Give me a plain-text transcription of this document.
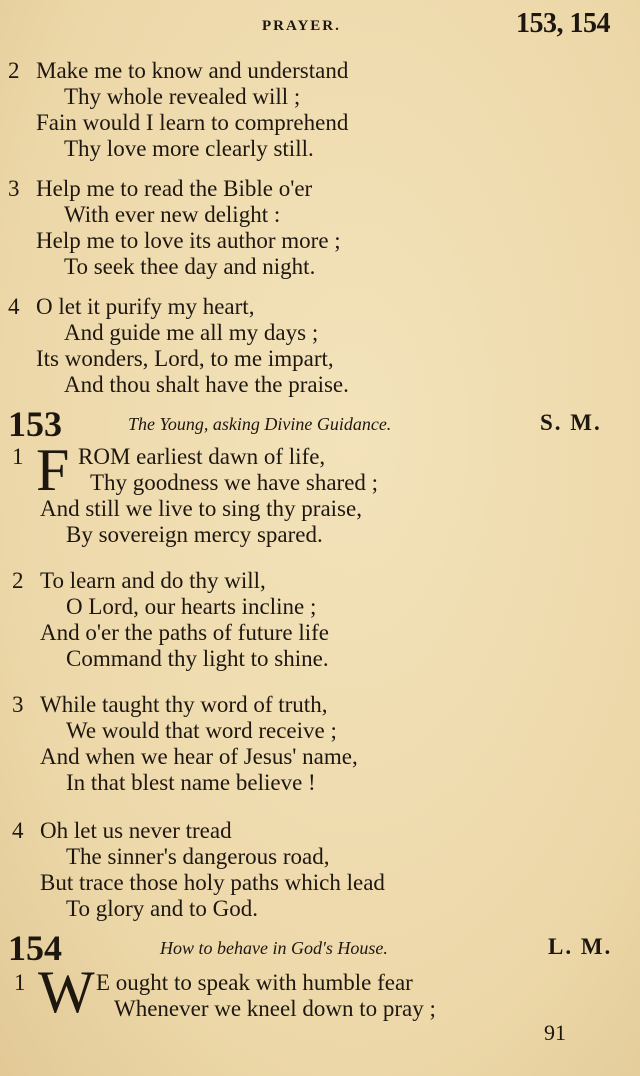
PRAYER.	153, 154
2 Make me to know and understand
Thy whole revealed will ;
Fain would I learn to comprehend
Thy love more clearly still.
3 Help me to read the Bible o'er
With ever new delight :
Help me to love its author more ;
To seek thee day and night.
4 O let it purify my heart,
And guide me all my days ;
Its wonders, Lord, to me impart,
And thou shalt have the praise.
153	The Young, asking Divine Guidance.	S. M.
1 F ROM earliest dawn of life,
Thy goodness we have shared ;
And still we live to sing thy praise,
By sovereign mercy spared.
2 To learn and do thy will,
O Lord, our hearts incline ;
And o'er the paths of future life
Command thy light to shine.
3 While taught thy word of truth,
We would that word receive ;
And when we hear of Jesus' name,
In that blest name believe !
4 Oh let us never tread
The sinner's dangerous road,
But trace those holy paths which lead
To glory and to God.
154	How to behave in God's House.	L. M.
1 W E ought to speak with humble fear
Whenever we kneel down to pray ;
91
